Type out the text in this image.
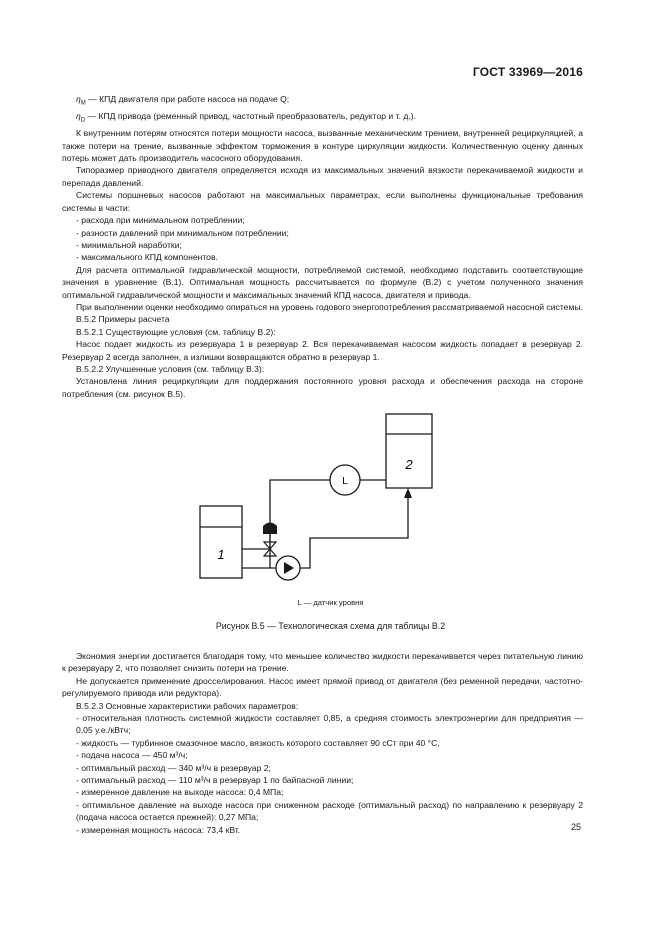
ГОСТ 33969—2016

$\eta_M$ — КПД двигателя при работе насоса на подаче Q;

$\eta_D$ — КПД привода (ременный привод, частотный преобразователь, редуктор и т. д.).

К внутренним потерям относятся потери мощности насоса, вызванные механическим трением, внутренней рециркуляцией, а также потери на трение, вызванные эффектом торможения в контуре циркуляции жидкости. Количественную оценку данных потерь может дать производитель насосного оборудования.

Типоразмер приводного двигателя определяется исходя из максимальных значений вязкости перекачиваемой жидкости и перепада давлений.

Системы поршневых насосов работают на максимальных параметрах, если выполнены функциональные требования системы в части:

- расхода при минимальном потреблении;

- разности давлений при минимальном потреблении;

- минимальной наработки;

- максимального КПД компонентов.

Для расчета оптимальной гидравлической мощности, потребляемой системой, необходимо подставить соответствующие значения в уравнение (В.1). Оптимальная мощность рассчитывается по формуле (В.2) с учетом полученного значения оптимальной гидравлической мощности и максимальных значений КПД насоса, двигателя и привода.

При выполнении оценки необходимо опираться на уровень годового энергопотребления рассматриваемой насосной системы.

В.5.2 Примеры расчета

В.5.2.1 Существующие условия (см. таблицу В.2):

Насос подает жидкость из резервуара 1 в резервуар 2. Вся перекачиваемая насосом жидкость попадает в резервуар 2. Резервуар 2 всегда заполнен, а излишки возвращаются обратно в резервуар 1.

В.5.2.2 Улучшенные условия (см. таблицу В.3):

Установлена линия рециркуляции для поддержания постоянного уровня расхода и обеспечения расхода на стороне потребления (см. рисунок В.5).

L
2
1
L — датчик уровня
Рисунок В.5 — Технологическая схема для таблицы В.2

Экономия энергии достигается благодаря тому, что меньшее количество жидкости перекачивается через питательную линию к резервуару 2, что позволяет снизить потери на трение.

Не допускается применение дросселирования. Насос имеет прямой привод от двигателя (без ременной передачи, частотно-регулируемого привода или редуктора).

В.5.2.3 Основные характеристики рабочих параметров:

- относительная плотность системной жидкости составляет 0,85, а средняя стоимость электроэнергии для предприятия — 0,05 у.е./кВтч;

- жидкость — турбинное смазочное масло, вязкость которого составляет 90 сСт при 40 °С,

- подача насоса — 450 м³/ч;

- оптимальный расход — 340 м³/ч в резервуар 2;

- оптимальный расход — 110 м³/ч в резервуар 1 по байпасной линии;

- измеренное давление на выходе насоса: 0,4 МПа;

- оптимальное давление на выходе насоса при сниженном расходе (оптимальный расход) по направлению к резервуару 2 (подача насоса остается прежней): 0,27 МПа;

- измеренная мощность насоса: 73,4 кВт.	25
